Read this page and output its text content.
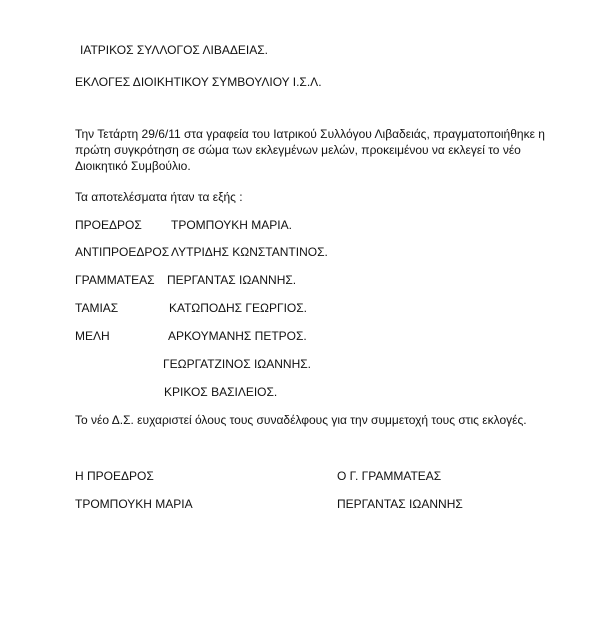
ΙΑΤΡΙΚΟΣ ΣΥΛΛΟΓΟΣ ΛΙΒΑΔΕΙΑΣ.
ΕΚΛΟΓΕΣ ΔΙΟΙΚΗΤΙΚΟΥ ΣΥΜΒΟΥΛΙΟΥ Ι.Σ.Λ.
Την Τετάρτη 29/6/11 στα γραφεία του Ιατρικού Συλλόγου Λιβαδειάς, πραγματοποιήθηκε η
πρώτη συγκρότηση σε σώμα των εκλεγμένων μελών, προκειμένου να εκλεγεί το νέο
Διοικητικό Συμβούλιο.
Τα αποτελέσματα ήταν τα εξής :
ΠΡΟΕΔΡΟΣ ΤΡΟΜΠΟΥΚΗ ΜΑΡΙΑ.
ΑΝΤΙΠΡΟΕΔΡΟΣ ΛΥΤΡΙΔΗΣ ΚΩΝΣΤΑΝΤΙΝΟΣ.
ΓΡΑΜΜΑΤΕΑΣ ΠΕΡΓΑΝΤΑΣ ΙΩΑΝΝΗΣ.
ΤΑΜΙΑΣ	ΚΑΤΩΠΟΔΗΣ ΓΕΩΡΓΙΟΣ.
ΜΕΛΗ	ΑΡΚΟΥΜΑΝΗΣ ΠΕΤΡΟΣ.
ΓΕΩΡΓΑΤΖΙΝΟΣ ΙΩΑΝΝΗΣ.
ΚΡΙΚΟΣ ΒΑΣΙΛΕΙΟΣ.
Το νέο Δ.Σ. ευχαριστεί όλους τους συναδέλφους για την συμμετοχή τους στις εκλογές.
Η ΠΡΟΕΔΡΟΣ
ΤΡΟΜΠΟΥΚΗ ΜΑΡΙΑ
Ο Γ. ΓΡΑΜΜΑΤΕΑΣ
ΠΕΡΓΑΝΤΑΣ ΙΩΑΝΝΗΣ
